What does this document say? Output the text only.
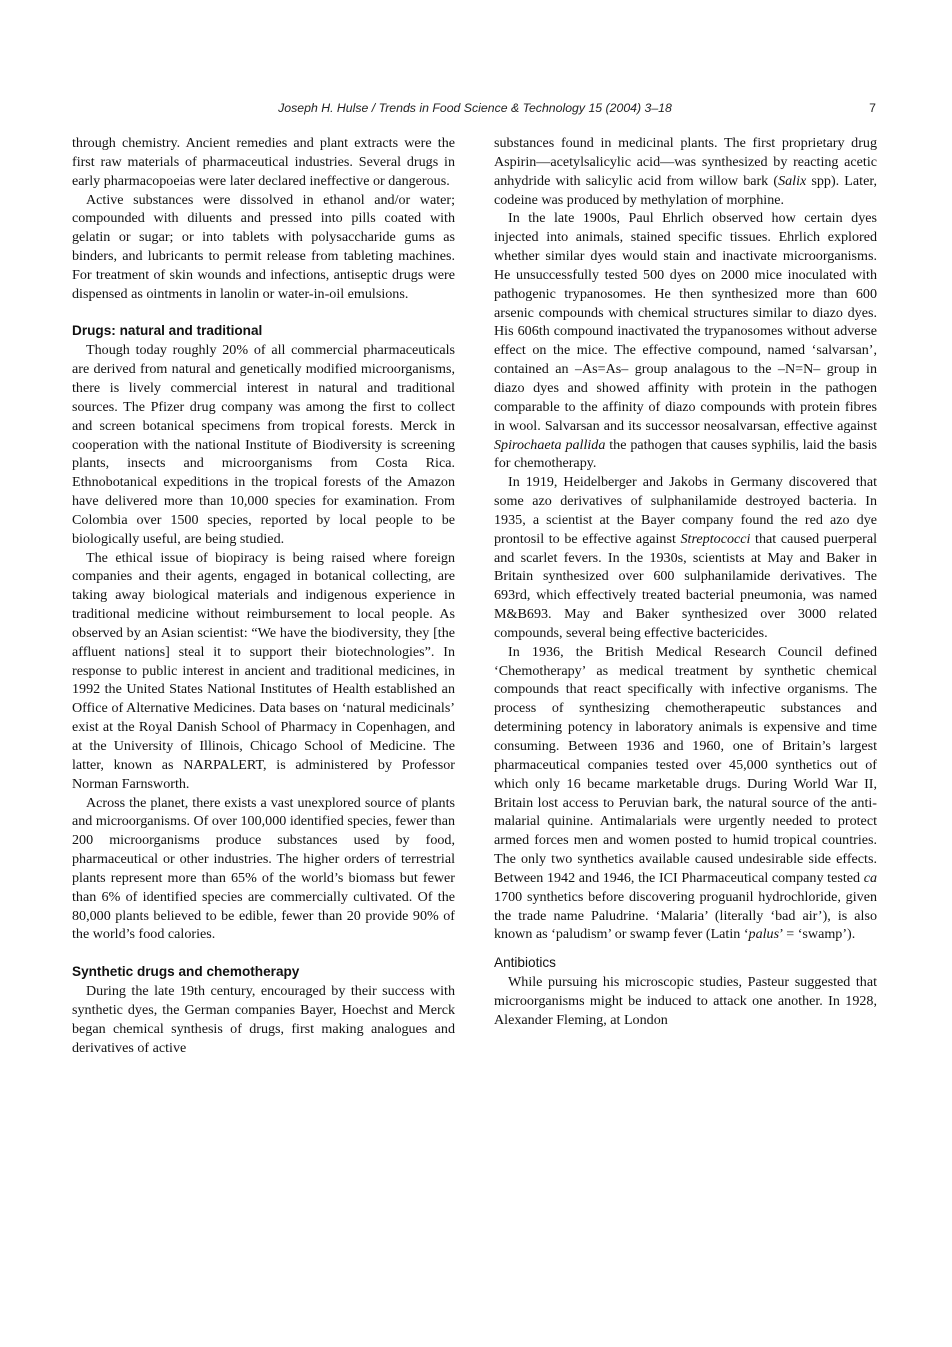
Joseph H. Hulse / Trends in Food Science & Technology 15 (2004) 3–18	7

through chemistry. Ancient remedies and plant extracts were the first raw materials of pharmaceutical industries. Several drugs in early pharmacopoeias were later declared ineffective or dangerous.

Active substances were dissolved in ethanol and/or water; compounded with diluents and pressed into pills coated with gelatin or sugar; or into tablets with polysaccharide gums as binders, and lubricants to permit release from tableting machines. For treatment of skin wounds and infections, antiseptic drugs were dispensed as ointments in lanolin or water-in-oil emulsions.

Drugs: natural and traditional

Though today roughly 20% of all commercial pharmaceuticals are derived from natural and genetically modified microorganisms, there is lively commercial interest in natural and traditional sources. The Pfizer drug company was among the first to collect and screen botanical specimens from tropical forests. Merck in cooperation with the national Institute of Biodiversity is screening plants, insects and microorganisms from Costa Rica. Ethnobotanical expeditions in the tropical forests of the Amazon have delivered more than 10,000 species for examination. From Colombia over 1500 species, reported by local people to be biologically useful, are being studied.

The ethical issue of biopiracy is being raised where foreign companies and their agents, engaged in botanical collecting, are taking away biological materials and indigenous experience in traditional medicine without reimbursement to local people. As observed by an Asian scientist: “We have the biodiversity, they [the affluent nations] steal it to support their biotechnologies”. In response to public interest in ancient and traditional medicines, in 1992 the United States National Institutes of Health established an Office of Alternative Medicines. Data bases on ‘natural medicinals’ exist at the Royal Danish School of Pharmacy in Copenhagen, and at the University of Illinois, Chicago School of Medicine. The latter, known as NARPALERT, is administered by Professor Norman Farnsworth.

Across the planet, there exists a vast unexplored source of plants and microorganisms. Of over 100,000 identified species, fewer than 200 microorganisms produce substances used by food, pharmaceutical or other industries. The higher orders of terrestrial plants represent more than 65% of the world’s biomass but fewer than 6% of identified species are commercially cultivated. Of the 80,000 plants believed to be edible, fewer than 20 provide 90% of the world’s food calories.

Synthetic drugs and chemotherapy

During the late 19th century, encouraged by their success with synthetic dyes, the German companies Bayer, Hoechst and Merck began chemical synthesis of drugs, first making analogues and derivatives of active

substances found in medicinal plants. The first proprietary drug Aspirin—acetylsalicylic acid—was synthesized by reacting acetic anhydride with salicylic acid from willow bark (Salix spp). Later, codeine was produced by methylation of morphine.

In the late 1900s, Paul Ehrlich observed how certain dyes injected into animals, stained specific tissues. Ehrlich explored whether similar dyes would stain and inactivate microorganisms. He unsuccessfully tested 500 dyes on 2000 mice inoculated with pathogenic trypanosomes. He then synthesized more than 600 arsenic compounds with chemical structures similar to diazo dyes. His 606th compound inactivated the trypanosomes without adverse effect on the mice. The effective compound, named ‘salvarsan’, contained an –As=As– group analagous to the –N=N– group in diazo dyes and showed affinity with protein in the pathogen comparable to the affinity of diazo compounds with protein fibres in wool. Salvarsan and its successor neosalvarsan, effective against Spirochaeta pallida the pathogen that causes syphilis, laid the basis for chemotherapy.

In 1919, Heidelberger and Jakobs in Germany discovered that some azo derivatives of sulphanilamide destroyed bacteria. In 1935, a scientist at the Bayer company found the red azo dye prontosil to be effective against Streptococci that caused puerperal and scarlet fevers. In the 1930s, scientists at May and Baker in Britain synthesized over 600 sulphanilamide derivatives. The 693rd, which effectively treated bacterial pneumonia, was named M&B693. May and Baker synthesized over 3000 related compounds, several being effective bactericides.

In 1936, the British Medical Research Council defined ‘Chemotherapy’ as medical treatment by synthetic chemical compounds that react specifically with infective organisms. The process of synthesizing chemotherapeutic substances and determining potency in laboratory animals is expensive and time consuming. Between 1936 and 1960, one of Britain’s largest pharmaceutical companies tested over 45,000 synthetics out of which only 16 became marketable drugs. During World War II, Britain lost access to Peruvian bark, the natural source of the anti-malarial quinine. Antimalarials were urgently needed to protect armed forces men and women posted to humid tropical countries. The only two synthetics available caused undesirable side effects. Between 1942 and 1946, the ICI Pharmaceutical company tested ca 1700 synthetics before discovering proguanil hydrochloride, given the trade name Paludrine. ‘Malaria’ (literally ‘bad air’), is also known as ‘paludism’ or swamp fever (Latin ‘palus’ = ‘swamp’).

Antibiotics

While pursuing his microscopic studies, Pasteur suggested that microorganisms might be induced to attack one another. In 1928, Alexander Fleming, at London
